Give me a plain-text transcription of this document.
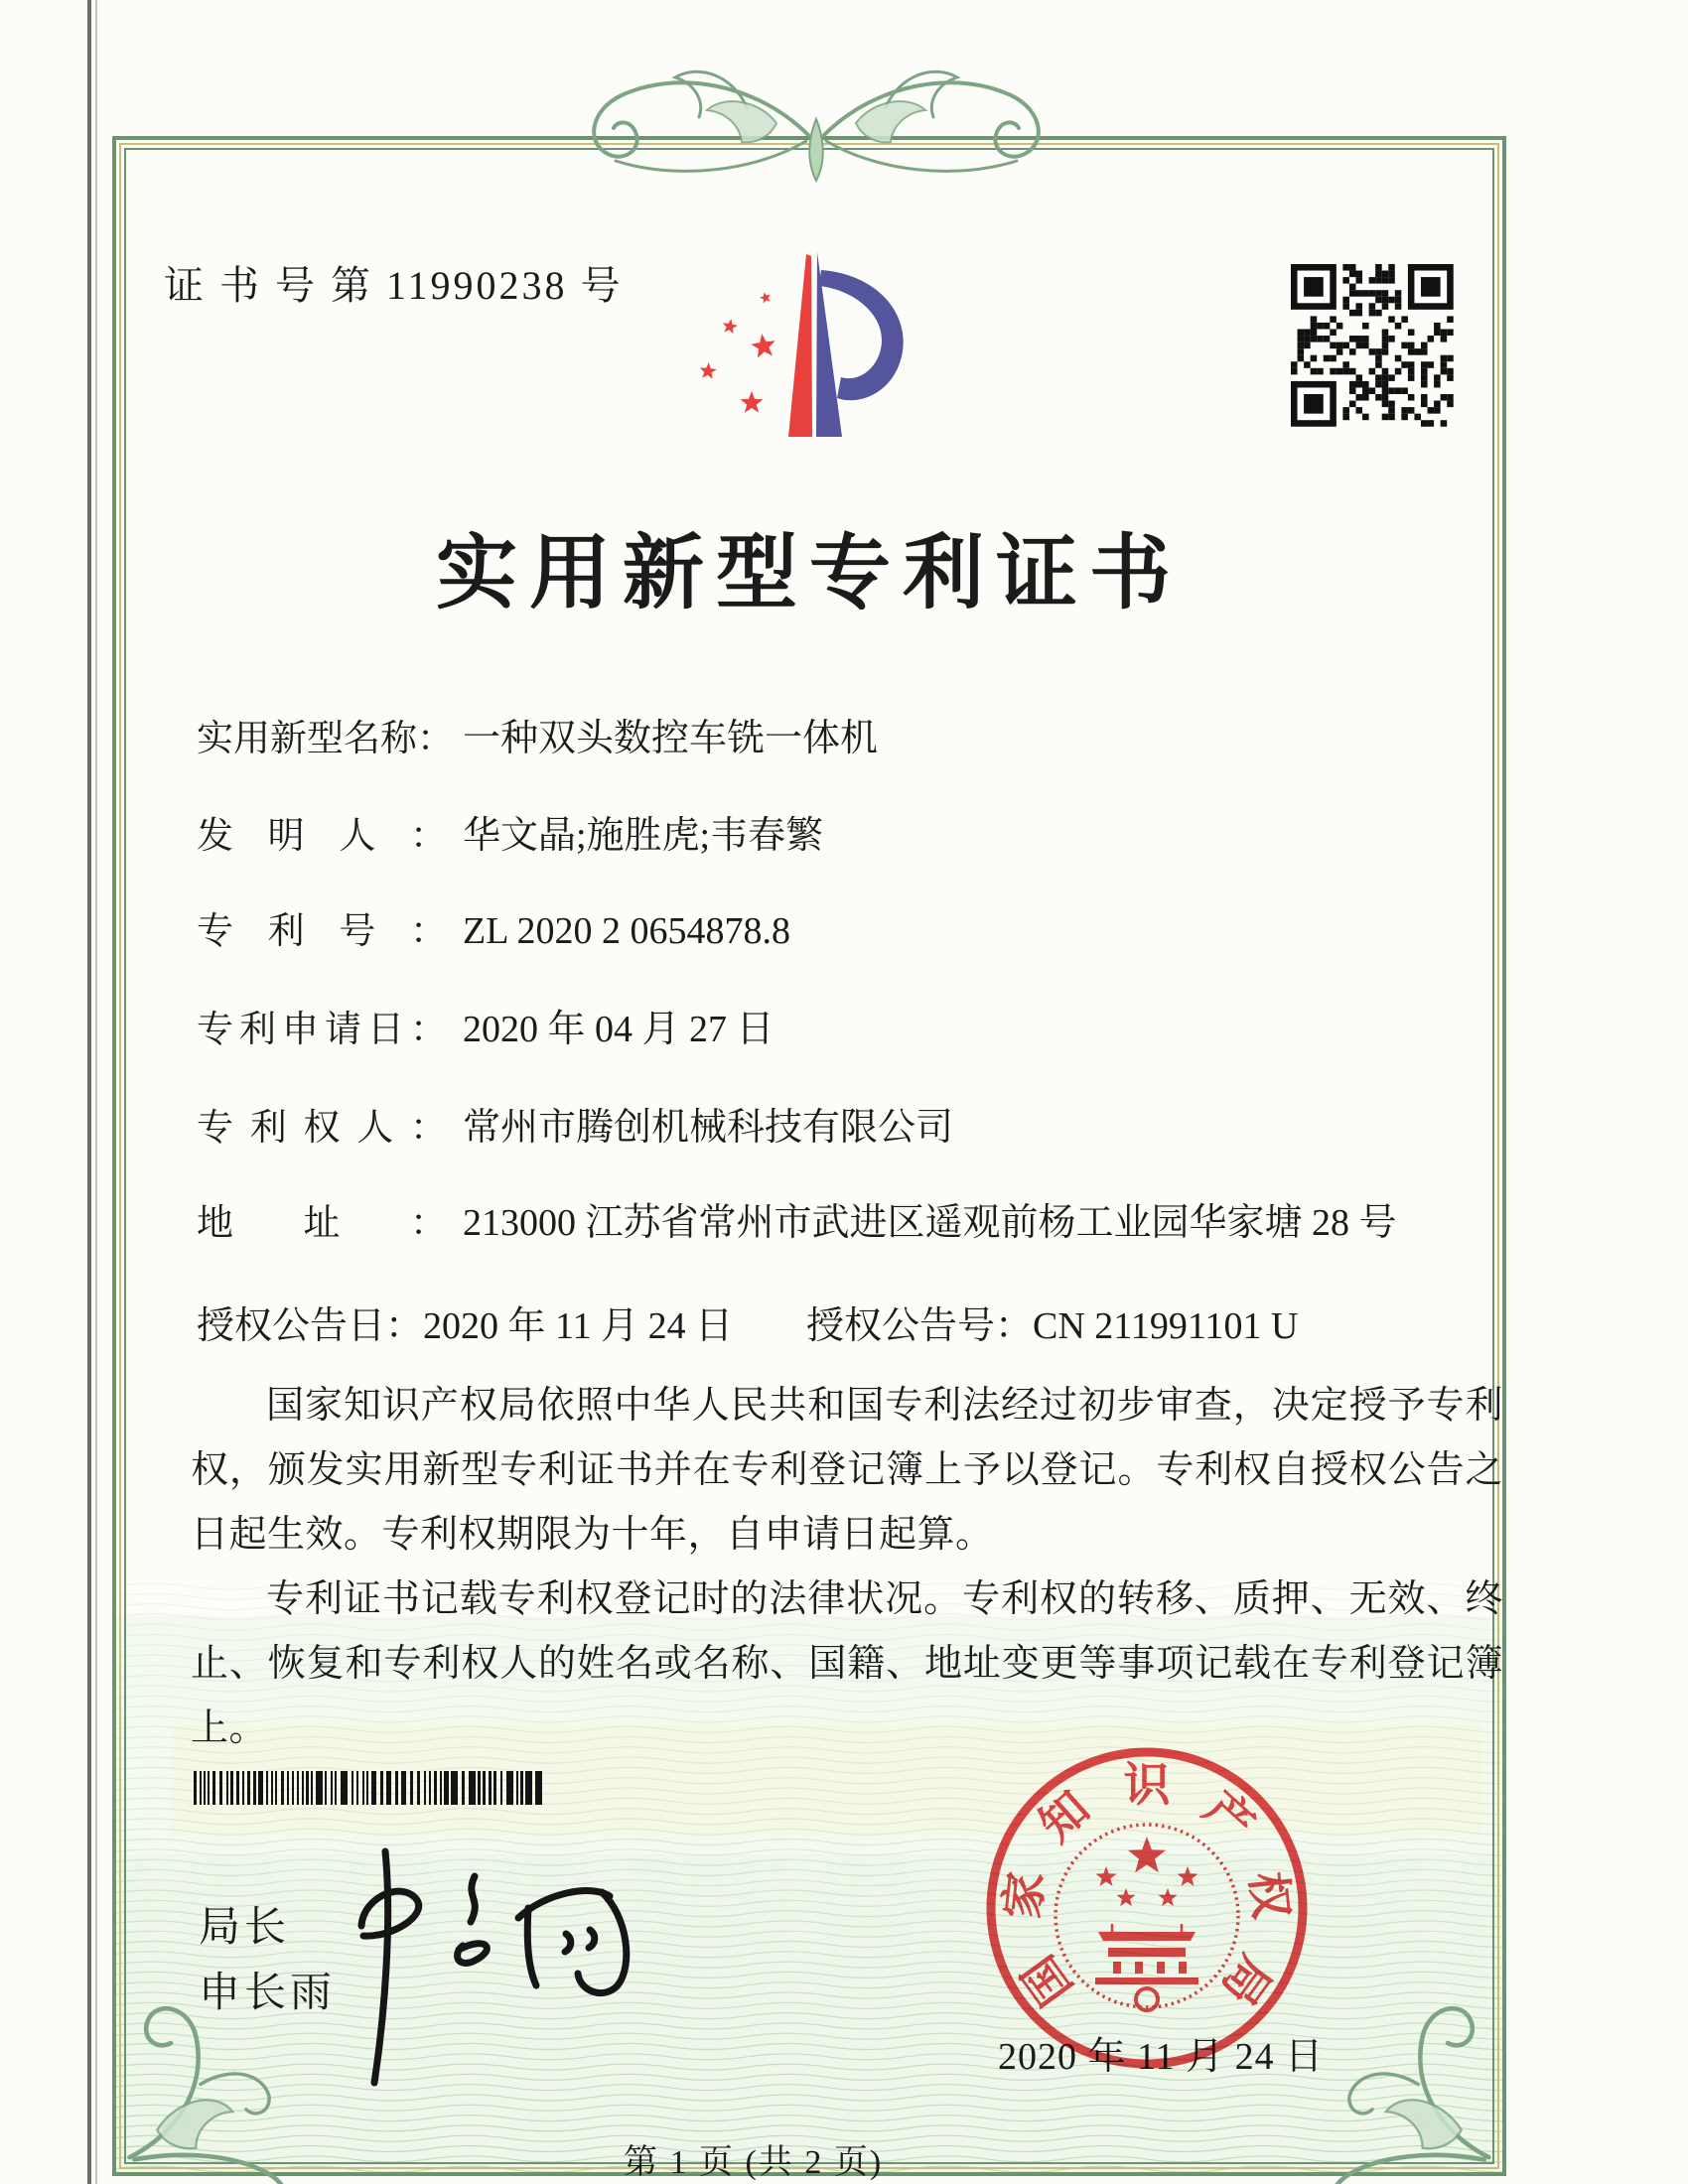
证 书 号 第 11990238 号
实用新型专利证书
实用新型名称： 一种双头数控车铣一体机
发明人： 华文晶;施胜虎;韦春繁
专利号： ZL 2020 2 0654878.8
专利申请日： 2020 年 04 月 27 日
专利权人： 常州市腾创机械科技有限公司
地址： 213000 江苏省常州市武进区遥观前杨工业园华家塘 28 号
授权公告日：2020 年 11 月 24 日 授权公告号：CN 211991101 U

国家知识产权局依照中华人民共和国专利法经过初步审查，决定授予专利权，颁发实用新型专利证书并在专利登记簿上予以登记。专利权自授权公告之日起生效。专利权期限为十年，自申请日起算。

专利证书记载专利权登记时的法律状况。专利权的转移、质押、无效、终止、恢复和专利权人的姓名或名称、国籍、地址变更等事项记载在专利登记簿上。

局长
申长雨	国
家
知 识 产
权
局
2020 年 11 月 24 日
第 1 页 (共 2 页)
